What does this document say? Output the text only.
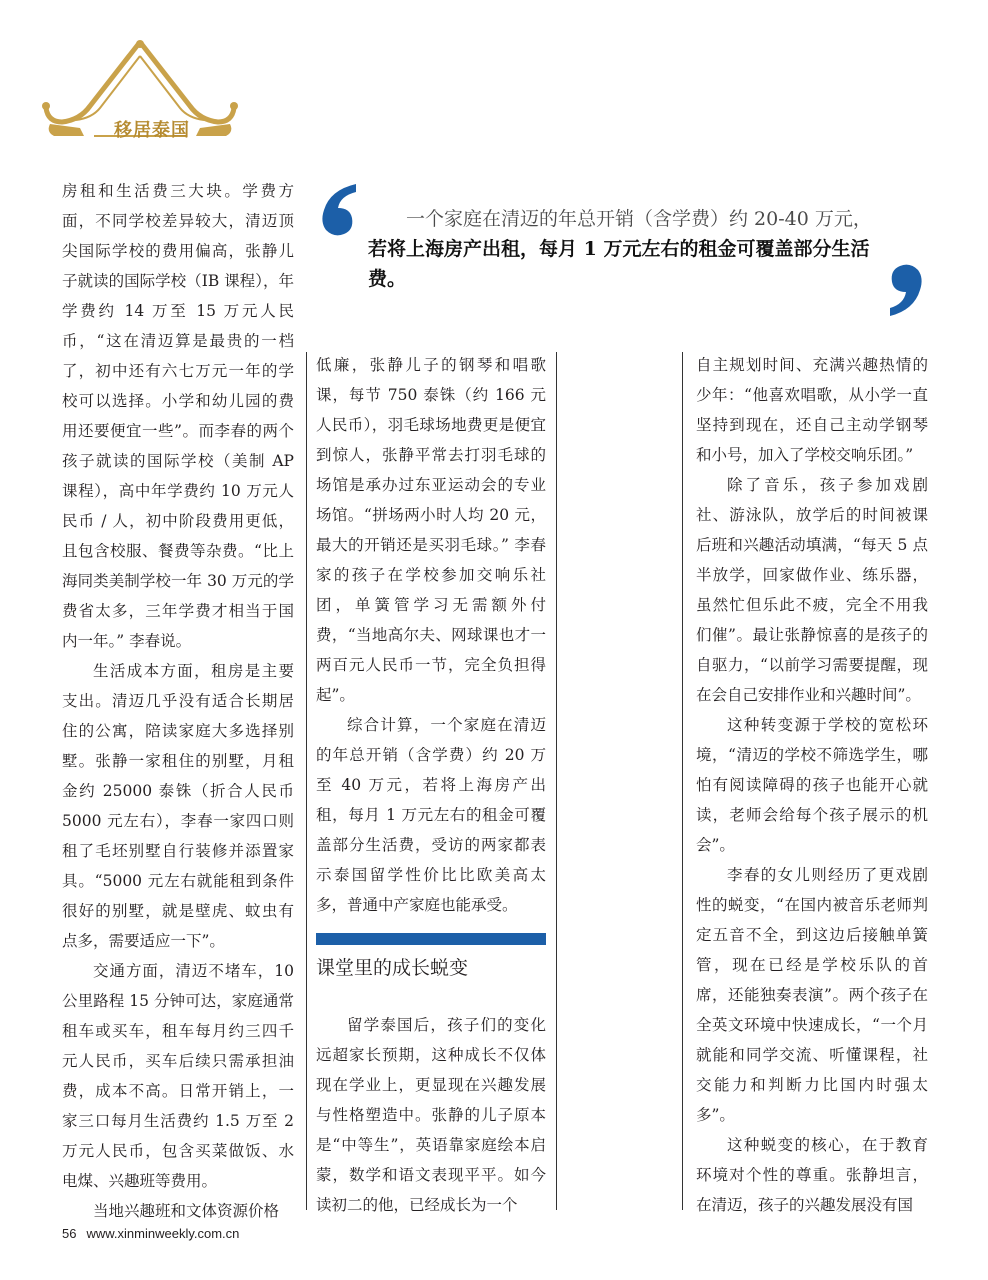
移居泰国

一个家庭在清迈的年总开销（含学费）约 20-40 万元，

若将上海房产出租，每月 1 万元左右的租金可覆盖部分生活费。

房租和生活费三大块。学费方面，不同学校差异较大，清迈顶尖国际学校的费用偏高，张静儿子就读的国际学校（IB 课程），年学费约 14 万至 15 万元人民币，“这在清迈算是最贵的一档了，初中还有六七万元一年的学校可以选择。小学和幼儿园的费用还要便宜一些”。而李春的两个孩子就读的国际学校（美制 AP 课程），高中年学费约 10 万元人民币 / 人，初中阶段费用更低，且包含校服、餐费等杂费。“比上海同类美制学校一年 30 万元的学费省太多，三年学费才相当于国内一年。” 李春说。

生活成本方面，租房是主要支出。清迈几乎没有适合长期居住的公寓，陪读家庭大多选择别墅。张静一家租住的别墅，月租金约 25000 泰铢（折合人民币 5000 元左右），李春一家四口则租了毛坯别墅自行装修并添置家具。“5000 元左右就能租到条件很好的别墅，就是壁虎、蚊虫有点多，需要适应一下”。

交通方面，清迈不堵车，10 公里路程 15 分钟可达，家庭通常租车或买车，租车每月约三四千元人民币，买车后续只需承担油费，成本不高。日常开销上，一家三口每月生活费约 1.5 万至 2 万元人民币，包含买菜做饭、水电煤、兴趣班等费用。

当地兴趣班和文体资源价格

低廉，张静儿子的钢琴和唱歌课，每节 750 泰铢（约 166 元人民币），羽毛球场地费更是便宜到惊人，张静平常去打羽毛球的场馆是承办过东亚运动会的专业场馆。“拼场两小时人均 20 元，最大的开销还是买羽毛球。” 李春家的孩子在学校参加交响乐社团，单簧管学习无需额外付费，“当地高尔夫、网球课也才一两百元人民币一节，完全负担得起”。

综合计算，一个家庭在清迈的年总开销（含学费）约 20 万至 40 万元，若将上海房产出租，每月 1 万元左右的租金可覆盖部分生活费，受访的两家都表示泰国留学性价比比欧美高太多，普通中产家庭也能承受。

课堂里的成长蜕变

留学泰国后，孩子们的变化远超家长预期，这种成长不仅体现在学业上，更显现在兴趣发展与性格塑造中。张静的儿子原本是“中等生”，英语靠家庭绘本启蒙，数学和语文表现平平。如今读初二的他，已经成长为一个

自主规划时间、充满兴趣热情的少年：“他喜欢唱歌，从小学一直坚持到现在，还自己主动学钢琴和小号，加入了学校交响乐团。”

除了音乐，孩子参加戏剧社、游泳队，放学后的时间被课后班和兴趣活动填满，“每天 5 点半放学，回家做作业、练乐器，虽然忙但乐此不疲，完全不用我们催”。最让张静惊喜的是孩子的自驱力，“以前学习需要提醒，现在会自己安排作业和兴趣时间”。

这种转变源于学校的宽松环境，“清迈的学校不筛选学生，哪怕有阅读障碍的孩子也能开心就读，老师会给每个孩子展示的机会”。

李春的女儿则经历了更戏剧性的蜕变，“在国内被音乐老师判定五音不全，到这边后接触单簧管，现在已经是学校乐队的首席，还能独奏表演”。两个孩子在全英文环境中快速成长，“一个月就能和同学交流、听懂课程，社交能力和判断力比国内时强太多”。

这种蜕变的核心，在于教育环境对个性的尊重。张静坦言，在清迈，孩子的兴趣发展没有国

56 www.xinminweekly.com.cn
